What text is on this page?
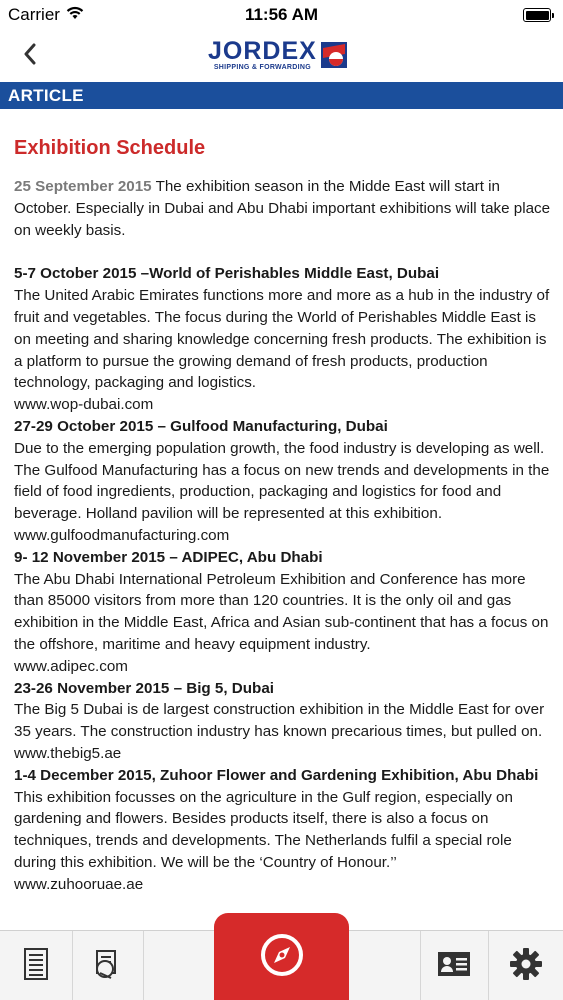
Carrier	11:56 AM
JORDEX
SHIPPING & FORWARDING
ARTICLE
Exhibition Schedule

25 September 2015 The exhibition season in the Midde East will start in October. Especially in Dubai and Abu Dhabi important exhibitions will take place on weekly basis.

5-7 October 2015 –World of Perishables Middle East, Dubai
The United Arabic Emirates functions more and more as a hub in the industry of fruit and vegetables. The focus during the World of Perishables Middle East is on meeting and sharing knowledge concerning fresh products. The exhibition is a platform to pursue the growing demand of fresh products, production technology, packaging and logistics.
www.wop-dubai.com
27-29 October 2015 – Gulfood Manufacturing, Dubai
Due to the emerging population growth, the food industry is developing as well. The Gulfood Manufacturing has a focus on new trends and developments in the field of food ingredients, production, packaging and logistics for food and beverage. Holland pavilion will be represented at this exhibition.
www.gulfoodmanufacturing.com
9- 12 November 2015 – ADIPEC, Abu Dhabi
The Abu Dhabi International Petroleum Exhibition and Conference has more than 85000 visitors from more than 120 countries. It is the only oil and gas exhibition in the Middle East, Africa and Asian sub-continent that has a focus on the offshore, maritime and heavy equipment industry.
www.adipec.com
23-26 November 2015 – Big 5, Dubai
The Big 5 Dubai is de largest construction exhibition in the Middle East for over 35 years. The construction industry has known precarious times, but pulled on.
www.thebig5.ae
1-4 December 2015, Zuhoor Flower and Gardening Exhibition, Abu Dhabi
This exhibition focusses on the agriculture in the Gulf region, especially on gardening and flowers. Besides products itself, there is also a focus on techniques, trends and developments. The Netherlands fulfil a special role during this exhibition. We will be the ‘Country of Honour.’’
www.zuhooruae.ae
